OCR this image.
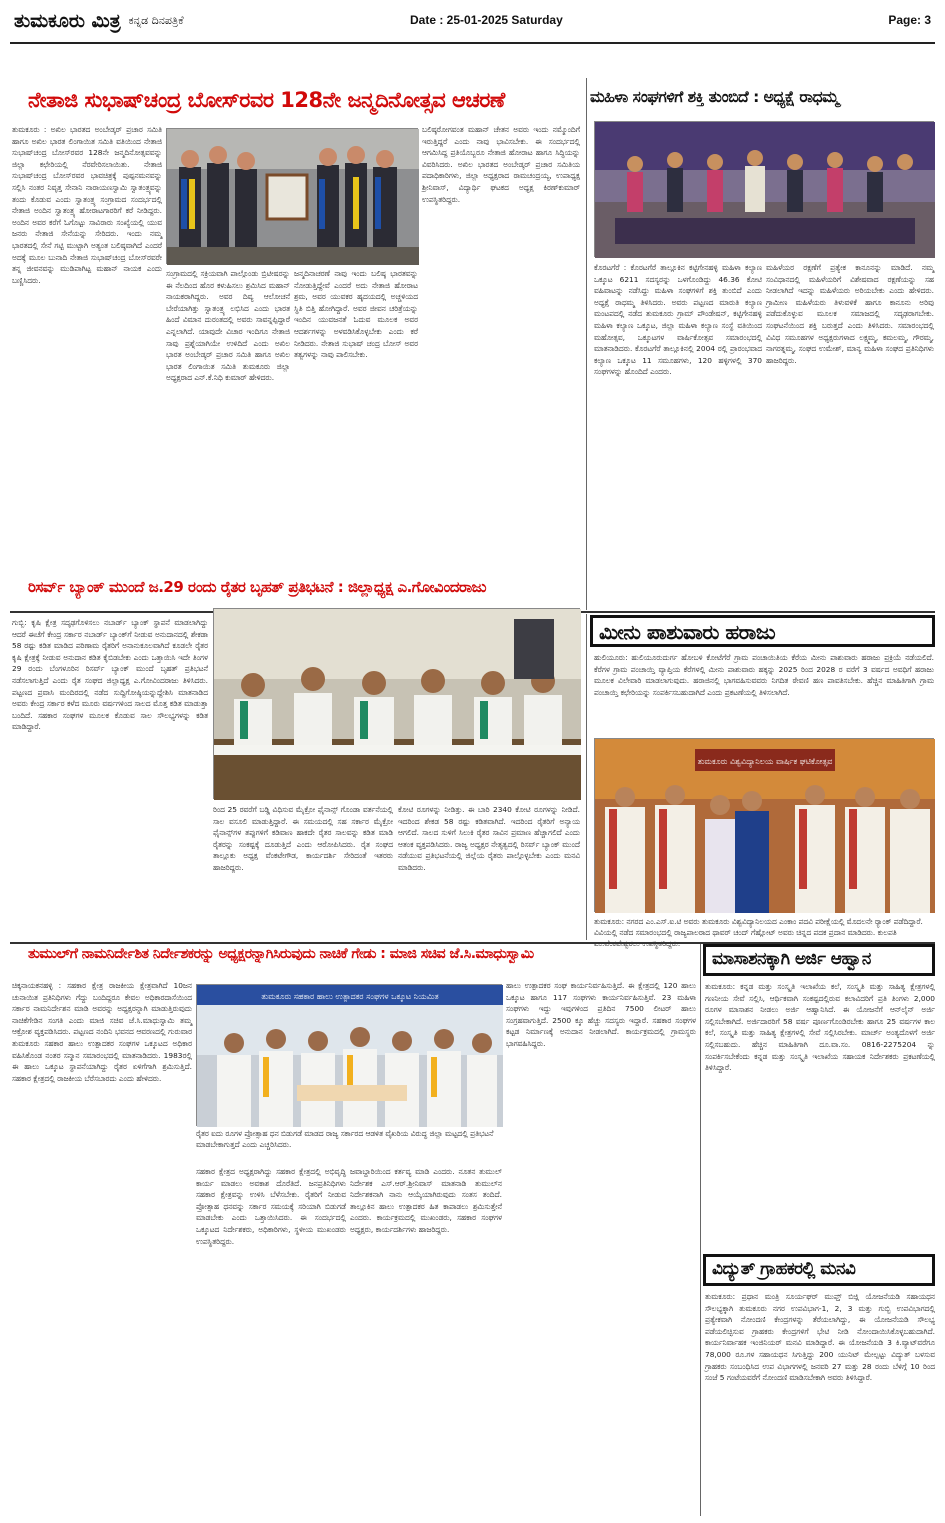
ತುಮಕೂರು ಮಿತ್ರ ಕನ್ನಡ ದಿನಪತ್ರಿಕೆ	Date : 25-01-2025 Saturday	Page: 3
ನೇತಾಜಿ ಸುಭಾಷ್‌ಚಂದ್ರ ಬೋಸ್‌ರವರ 128ನೇ ಜನ್ಮದಿನೋತ್ಸವ ಆಚರಣೆ
ತುಮಕೂರು : ಅಖಿಲ ಭಾರತದ ಅಂಬೇಡ್ಕರ್ ಪ್ರಚಾರ ಸಮಿತಿ ಹಾಗೂ ಅಖಿಲ ಭಾರತ ಲಿಂಗಾಯಿತ ಸಮಿತಿ ವತಿಯಿಂದ ನೇತಾಜಿ ಸುಭಾಷ್‌ಚಂದ್ರ ಬೋಸ್‌ರವರ 128ನೇ ಜನ್ಮದಿನೋತ್ಸವವನ್ನು ಜಿಲ್ಲಾ ಕಛೇರಿಯಲ್ಲಿ ನೆರವೇರಿಸಲಾಯಿತು. ನೇತಾಜಿ ಸುಭಾಷ್‌ಚಂದ್ರ ಬೋಸ್‌ರವರ ಭಾವಚಿತ್ರಕ್ಕೆ ಪುಷ್ಪನಮನವನ್ನು ಸಲ್ಲಿಸಿ ನಂತರ ನಿವೃತ್ತ ಸೇನಾನಿ ನಾರಾಯಣಸ್ವಾಮಿ ಸ್ವಾತಂತ್ರ್ಯವನ್ನು ತಂದು ಕೊಡುವ ಎಂದು ಸ್ವಾತಂತ್ರ್ಯ ಸಂಗ್ರಾಮದ ಸಂದರ್ಭದಲ್ಲಿ ನೇತಾಜಿ ಅಂದಿನ ಸ್ವಾತಂತ್ರ್ಯ ಹೋರಾಟಗಾರರಿಗೆ ಕರೆ ನೀಡಿದ್ದರು. ಅಂದಿನ ಅವರ ಕರೆಗೆ ಓಗೊಟ್ಟು ಸಾವಿರಾರು ಸಂಖ್ಯೆಯಲ್ಲಿ ಯುವ ಜನರು ನೇತಾಜಿ ಸೇನೆಯನ್ನು ಸೇರಿದರು. ಇಂದು ನಮ್ಮ ಭಾರತದಲ್ಲಿ ಸೇನೆ ಗಟ್ಟಿ ಮುಟ್ಟಾಗಿ ಅತ್ಯಂತ ಬಲಿಷ್ಠವಾಗಿದೆ ಎಂದರೆ ಅದಕ್ಕೆ ಮೂಲ ಬುನಾದಿ ನೇತಾಜಿ ಸುಭಾಷ್‌ಚಂದ್ರ ಬೋಸ್‌ರವರೇ ತನ್ನ ಜೀವನವನ್ನು ಮುಡಿಪಾಗಿಟ್ಟ ಮಹಾನ್ ನಾಯಕ ಎಂದು ಬಣ್ಣಿಸಿದರು.
ಸಂಗ್ರಾಮದಲ್ಲಿ ಸಕ್ರಿಯವಾಗಿ ಪಾಲ್ಗೊಂಡು ಬ್ರಿಟೀಷರನ್ನು ಈ ನೆಲದಿಂದ ಹೊರ ಕಳುಹಿಸಲು ಶ್ರಮಿಸಿದ ಮಹಾನ್ ನಾಯಕರಾಗಿದ್ದರು. ಅವರ ದಿವ್ಯ ಆಲೋಚನೆ ಬೇರೆಯಾಗಿತ್ತು ಸ್ವಾತಂತ್ರ್ಯ ಲಭಿಸಿದ ಎಂದು ಭಾರತ ಹಿಂದೆ ವಿಮಾನ ದುರಂತದಲ್ಲಿ ಅವರು ಸಾವನ್ನಪ್ಪಿದ್ದಾರೆ ಎನ್ನಲಾಗಿದೆ. ಯಾವುದೇ ವಿಚಾರ ಇಂದಿಗೂ ನೇತಾಜಿ ಸಾವು ಪ್ರಶ್ನೆಯಾಗಿಯೇ ಉಳಿದಿದೆ ಎಂದು ಅಖಿಲ ಭಾರತ ಅಂಬೇಡ್ಕರ್ ಪ್ರಚಾರ ಸಮಿತಿ ಹಾಗೂ ಅಖಿಲ ಭಾರತ ಲಿಂಗಾಯಿತ ಸಮಿತಿ ತುಮಕೂರು ಜಿಲ್ಲಾ ಅಧ್ಯಕ್ಷರಾದ ಎನ್.ಕೆ.ನಿಧಿ ಕುಮಾರ್ ಹೇಳಿದರು.
ಜನ್ಮದಿನಾಚರಣೆ ನಾವು ಇಂದು ಬಲಿಷ್ಠ ಭಾರತವನ್ನು ನೋಡುತ್ತಿದ್ದೇವೆ ಎಂದರೆ ಅದು ನೇತಾಜಿ ಹೋರಾಟ ಶ್ರಮ, ಅವರ ಯುವಕರ ಹೃದಯದಲ್ಲಿ ಅಚ್ಚಳಿಯದ ಸ್ಥಿತಿ ಬಿತ್ತಿ ಹೋಗಿದ್ದಾರೆ. ಅವರ ಜೀವನ ಚರಿತ್ರೆಯನ್ನು ಇಂದಿನ ಯುವಜನತೆ ಓದುವ ಮೂಲಕ ಅವರ ಆದರ್ಶಗಳನ್ನು ಅಳವಡಿಸಿಕೊಳ್ಳಬೇಕು ಎಂದು ಕರೆ ನೀಡಿದರು. ನೇತಾಜಿ ಸುಭಾಷ್ ಚಂದ್ರ ಬೋಸ್ ಅವರ ತತ್ವಗಳನ್ನು ನಾವು ಪಾಲಿಸಬೇಕು.
ಬಲಿಷ್ಠರೋಗವಂತ ಮಹಾನ್ ಚೇತನ ಅವರು ಇಂದು ನಮ್ಮೊಂದಿಗೆ ಇರುತ್ತಿದ್ದರೆ ಎಂದು ನಾವು ಭಾವಿಸಬೇಕು. ಈ ಸಂದರ್ಭದಲ್ಲಿ ಆಗಮಿಸಿದ್ದ ಪ್ರತಿಯೊಬ್ಬರೂ ನೇತಾಜಿ ಹೋರಾಟ ಹಾಗೂ ಸಿದ್ಧಿಯನ್ನು ವಿವರಿಸಿದರು. ಅಖಿಲ ಭಾರತದ ಅಂಬೇಡ್ಕರ್ ಪ್ರಚಾರ ಸಮಿತಿಯ ಪದಾಧಿಕಾರಿಗಳು, ಜಿಲ್ಲಾ ಅಧ್ಯಕ್ಷರಾದ ರಾಮಚಂದ್ರಯ್ಯ, ಉಪಾಧ್ಯಕ್ಷ ಶ್ರೀನಿವಾಸ್, ವಿದ್ಯಾರ್ಥಿ ಘಟಕದ ಅಧ್ಯಕ್ಷ ಕಿರಣ್‌ಕುಮಾರ್ ಉಪಸ್ಥಿತರಿದ್ದರು.
ಮಹಿಳಾ ಸಂಘಗಳಿಗೆ ಶಕ್ತಿ ತುಂಬಿದೆ : ಅಧ್ಯಕ್ಷೆ ರಾಧಮ್ಮ
ಕೊರಟಗೆರೆ : ಕೊರಟಗೆರೆ ತಾಲ್ಲೂಕಿನ ಕಟ್ಟಿಗೇನಹಳ್ಳಿ ಮಹಿಳಾ ಕಲ್ಯಾಣ ಒಕ್ಕೂಟ 6211 ಸದಸ್ಯರನ್ನು ಒಳಗೊಂಡಿದ್ದು 46.36 ಕೋಟಿ ವಹಿವಾಟನ್ನು ನಡೆಸಿದ್ದು ಮಹಿಳಾ ಸಂಘಗಳಿಗೆ ಶಕ್ತಿ ತುಂಬಿದೆ ಎಂದು ಅಧ್ಯಕ್ಷೆ ರಾಧಮ್ಮ ತಿಳಿಸಿದರು. ಅವರು ಪಟ್ಟಣದ ಮಾರುತಿ ಕಲ್ಯಾಣ ಮಂಟಪದಲ್ಲಿ ನಡೆದ ತುಮಕೂರು ಗ್ರಾಮ್ ಪೌಂಡೇಷನ್, ಕಟ್ಟಿಗೇನಹಳ್ಳಿ ಮಹಿಳಾ ಕಲ್ಯಾಣ ಒಕ್ಕೂಟ, ಜಿಲ್ಲಾ ಮಹಿಳಾ ಕಲ್ಯಾಣ ಸಂಸ್ಥೆ ವತಿಯಿಂದ ಮಹೋತ್ಸವ, ಒಕ್ಕೂಟಗಳ ವಾರ್ಷಿಕೋತ್ಸವ ಸಮಾರಂಭದಲ್ಲಿ ಮಾತನಾಡಿದರು. ಕೊರಟಗೆರೆ ತಾಲ್ಲೂಕಿನಲ್ಲಿ 2004 ರಲ್ಲಿ ಪ್ರಾರಂಭವಾದ ಕಲ್ಯಾಣ ಒಕ್ಕೂಟ 11 ಸಮೂಹಗಳು, 120 ಹಳ್ಳಿಗಳಲ್ಲಿ 370 ಸಂಘಗಳನ್ನು ಹೊಂದಿದೆ ಎಂದರು.
ಮಹಿಳೆಯರ ರಕ್ಷಣೆಗೆ ಪ್ರತ್ಯೇಕ ಕಾನೂನನ್ನು ಮಾಡಿದೆ. ನಮ್ಮ ಸಂವಿಧಾನದಲ್ಲಿ ಮಹಿಳೆಯರಿಗೆ ವಿಶೇಷವಾದ ರಕ್ಷಣೆಯನ್ನು ಸಹ ನೀಡಲಾಗಿದೆ ಇದನ್ನು ಮಹಿಳೆಯರು ಅರಿಯಬೇಕು ಎಂದು ಹೇಳಿದರು. ಗ್ರಾಮೀಣ ಮಹಿಳೆಯರು ತಿಳುವಳಿಕೆ ಹಾಗೂ ಕಾನೂನು ಅರಿವು ಪಡೆದುಕೊಳ್ಳುವ ಮೂಲಕ ಸಮಾಜದಲ್ಲಿ ಸದೃಢರಾಗಬೇಕು. ಸಂಘಟನೆಯಿಂದ ಶಕ್ತಿ ಬರುತ್ತದೆ ಎಂದು ತಿಳಿಸಿದರು. ಸಮಾರಂಭದಲ್ಲಿ ವಿವಿಧ ಸಮೂಹಗಳ ಅಧ್ಯಕ್ಷರುಗಳಾದ ಲಕ್ಷ್ಮಮ್ಮ, ಕಮಲಮ್ಮ, ಗೌರಮ್ಮ, ನಾಗರತ್ನಮ್ಮ, ಸಂಘದ ಉಮೇಶ್, ಮಾನ್ಯ ಮಹಿಳಾ ಸಂಘದ ಪ್ರತಿನಿಧಿಗಳು ಹಾಜರಿದ್ದರು.
ರಿಸರ್ವ್ ಬ್ಯಾಂಕ್ ಮುಂದೆ ಜ.29 ರಂದು ರೈತರ ಬೃಹತ್ ಪ್ರತಿಭಟನೆ : ಜಿಲ್ಲಾಧ್ಯಕ್ಷ ಎ.ಗೋವಿಂದರಾಜು
ಗುಬ್ಬಿ: ಕೃಷಿ ಕ್ಷೇತ್ರ ಸದೃಢಗೊಳಿಸಲು ನಬಾರ್ಡ್ ಬ್ಯಾಂಕ್ ಸ್ಥಾಪನೆ ಮಾಡಲಾಗಿದ್ದು ಆದರೆ ಈಚೆಗೆ ಕೇಂದ್ರ ಸರ್ಕಾರ ನಬಾರ್ಡ್ ಬ್ಯಾಂಕ್‌ಗೆ ನೀಡುವ ಅನುದಾನದಲ್ಲಿ ಶೇಕಡಾ 58 ರಷ್ಟು ಕಡಿತ ಮಾಡಿದ ಪರಿಣಾಮ ರೈತರಿಗೆ ಅನಾನುಕೂಲವಾಗಿದೆ ಕೂಡಲೇ ರೈತರ ಕೃಷಿ ಕ್ಷೇತ್ರಕ್ಕೆ ನೀಡುವ ಅನುದಾನ ಕಡಿತ ಕೈಬಿಡಬೇಕು ಎಂದು ಒತ್ತಾಯಿಸಿ ಇದೇ ತಿಂಗಳ 29 ರಂದು ಬೆಂಗಳೂರಿನ ರಿಸರ್ವ್ ಬ್ಯಾಂಕ್ ಮುಂದೆ ಬೃಹತ್ ಪ್ರತಿಭಟನೆ ನಡೆಸಲಾಗುತ್ತಿದೆ ಎಂದು ರೈತ ಸಂಘದ ಜಿಲ್ಲಾಧ್ಯಕ್ಷ ಎ.ಗೋವಿಂದರಾಜು ತಿಳಿಸಿದರು. ಪಟ್ಟಣದ ಪ್ರವಾಸಿ ಮಂದಿರದಲ್ಲಿ ನಡೆದ ಸುದ್ದಿಗೋಷ್ಠಿಯನ್ನುದ್ದೇಶಿಸಿ ಮಾತನಾಡಿದ ಅವರು ಕೇಂದ್ರ ಸರ್ಕಾರ ಕಳೆದ ಮೂರು ವರ್ಷಗಳಿಂದ ಸಾಲದ ಮೊತ್ತ ಕಡಿತ ಮಾಡುತ್ತಾ ಬಂದಿದೆ. ಸಹಕಾರ ಸಂಘಗಳ ಮೂಲಕ ಕೊಡುವ ಸಾಲ ಸೌಲಭ್ಯಗಳನ್ನು ಕಡಿತ ಮಾಡಿದ್ದಾರೆ.
ರಿಂದ 25 ರವರೆಗೆ ಬಡ್ಡಿ ವಿಧಿಸುವ ಮೈಕ್ರೋ ಫೈನಾನ್ಸ್ ಗೊಂಡಾ ವರ್ತನೆಯಲ್ಲಿ ಸಾಲ ವಸೂಲಿ ಮಾಡುತ್ತಿದ್ದಾರೆ. ಈ ಸಮಯದಲ್ಲಿ ಸಹ ಸರ್ಕಾರ ಮೈಕ್ರೋ ಫೈನಾನ್ಸ್‌ಗಳ ತಪ್ಪುಗಳಿಗೆ ಕಡಿವಾಣ ಹಾಕದೇ ರೈತರ ಸಾಲವನ್ನು ಕಡಿತ ಮಾಡಿ ರೈತರನ್ನು ಸಂಕಷ್ಟಕ್ಕೆ ದೂಡುತ್ತಿದೆ ಎಂದು ಆರೋಪಿಸಿದರು. ರೈತ ಸಂಘದ ತಾಲ್ಲೂಕು ಅಧ್ಯಕ್ಷ ವೆಂಕಟೇಗೌಡ, ಕಾರ್ಯದರ್ಶಿ ಸೇರಿದಂತೆ ಇತರರು ಹಾಜರಿದ್ದರು.
ಕೋಟಿ ರೂಗಳನ್ನು ನೀಡಿತ್ತು. ಈ ಬಾರಿ 2340 ಕೋಟಿ ರೂಗಳನ್ನು ನೀಡಿದೆ. ಇದರಿಂದ ಶೇಕಡ 58 ರಷ್ಟು ಕಡಿತವಾಗಿದೆ. ಇದರಿಂದ ರೈತರಿಗೆ ಅನ್ಯಾಯ ಆಗಲಿದೆ. ಸಾಲದ ಸುಳಿಗೆ ಸಿಲುಕಿ ರೈತರ ಸಾವಿನ ಪ್ರಮಾಣ ಹೆಚ್ಚಾಗಲಿದೆ ಎಂದು ಆತಂಕ ವ್ಯಕ್ತಪಡಿಸಿದರು. ರಾಜ್ಯ ಅಧ್ಯಕ್ಷರ ನೇತೃತ್ವದಲ್ಲಿ ರಿಸರ್ವ್ ಬ್ಯಾಂಕ್ ಮುಂದೆ ನಡೆಯುವ ಪ್ರತಿಭಟನೆಯಲ್ಲಿ ಜಿಲ್ಲೆಯ ರೈತರು ಪಾಲ್ಗೊಳ್ಳಬೇಕು ಎಂದು ಮನವಿ ಮಾಡಿದರು.
ಮೀನು ಪಾಶುವಾರು ಹರಾಜು
ಹುಲಿಯೂರು: ಹುಲಿಯೂರುದುರ್ಗ ಹೋಬಳಿ ಕೋಟೆಗೆರೆ ಗ್ರಾಮ ಪಂಚಾಯಿತಿಯ ಕೆರೆಯ ಮೀನು ಪಾಶುವಾರು ಹರಾಜು ಪ್ರಕ್ರಿಯೆ ನಡೆಯಲಿದೆ. ಕೆರೆಗಳ ಗ್ರಾಮ ಪಂಚಾಯ್ತಿ ವ್ಯಾಪ್ತಿಯ ಕೆರೆಗಳಲ್ಲಿ ಮೀನು ಪಾಶುವಾರು ಹಕ್ಕನ್ನು 2025 ರಿಂದ 2028 ರ ವರೆಗೆ 3 ವರ್ಷದ ಅವಧಿಗೆ ಹರಾಜು ಮೂಲಕ ವಿಲೇವಾರಿ ಮಾಡಲಾಗುವುದು. ಹರಾಜಿನಲ್ಲಿ ಭಾಗವಹಿಸುವವರು ನಿಗದಿತ ಠೇವಣಿ ಹಣ ಪಾವತಿಸಬೇಕು. ಹೆಚ್ಚಿನ ಮಾಹಿತಿಗಾಗಿ ಗ್ರಾಮ ಪಂಚಾಯ್ತಿ ಕಛೇರಿಯನ್ನು ಸಂಪರ್ಕಿಸಬಹುದಾಗಿದೆ ಎಂದು ಪ್ರಕಟಣೆಯಲ್ಲಿ ತಿಳಿಸಲಾಗಿದೆ.
ತುಮಕೂರು ವಿಶ್ವವಿದ್ಯಾನಿಲಯ ವಾರ್ಷಿಕ ಘಟಿಕೋತ್ಸವ
ತುಮಕೂರು: ನಗರದ ಎಂ.ಎಸ್.ಐ.ಟಿ ಅವರು ತುಮಕೂರು ವಿಶ್ವವಿದ್ಯಾನಿಲಯದ ಎಂಕಾಂ ಪದವಿ ಪರೀಕ್ಷೆಯಲ್ಲಿ ಮೊದಲನೇ ರ್‍ಯಾಂಕ್ ಪಡೆದಿದ್ದಾರೆ. ವಿವಿಯಲ್ಲಿ ನಡೆದ ಸಮಾರಂಭದಲ್ಲಿ ರಾಜ್ಯಪಾಲರಾದ ಥಾವರ್ ಚಂದ್ ಗೆಹ್ಲೋಟ್ ಅವರು ಚಿನ್ನದ ಪದಕ ಪ್ರದಾನ ಮಾಡಿದರು. ಕುಲಪತಿ
ತುಮುಲ್‌ಗೆ ನಾಮನಿರ್ದೇಶಿತ ನಿರ್ದೇಶಕರನ್ನು ಅಧ್ಯಕ್ಷರನ್ನಾಗಿಸಿರುವುದು ನಾಚಿಕೆ ಗೇಡು : ಮಾಜಿ ಸಚಿವ ಜೆ.ಸಿ.ಮಾಧುಸ್ವಾಮಿ
ಚಿಕ್ಕನಾಯಕನಹಳ್ಳಿ : ಸಹಕಾರ ಕ್ಷೇತ್ರ ರಾಜಕೀಯ ಕ್ಷೇತ್ರವಾಗಿದೆ 10ಜನ ಚುನಾಯಿತ ಪ್ರತಿನಿಧಿಗಳು ಗೆದ್ದು ಬಂದಿದ್ದರೂ ಕೇವಲ ಅಧಿಕಾರದಾಸೆಯಿಂದ ಸರ್ಕಾರ ನಾಮನಿರ್ದೇಶನ ಮಾಡಿ ಅವರನ್ನು ಅಧ್ಯಕ್ಷರನ್ನಾಗಿ ಮಾಡುತ್ತಿರುವುದು ನಾಚಿಕೆಗೇಡಿನ ಸಂಗತಿ ಎಂದು ಮಾಜಿ ಸಚಿವ ಜೆ.ಸಿ.ಮಾಧುಸ್ವಾಮಿ ತಮ್ಮ ಆಕ್ರೋಶ ವ್ಯಕ್ತಪಡಿಸಿದರು. ಪಟ್ಟಣದ ನಂದಿನಿ ಭವನದ ಆವರಣದಲ್ಲಿ ಗುರುವಾರ ತುಮಕೂರು ಸಹಕಾರ ಹಾಲು ಉತ್ಪಾದಕರ ಸಂಘಗಳ ಒಕ್ಕೂಟದ ಅಧಿಕಾರ ವಹಿಸಿಕೊಂಡ ನಂತರ ಸನ್ಮಾನ ಸಮಾರಂಭದಲ್ಲಿ ಮಾತನಾಡಿದರು. 1983ರಲ್ಲಿ ಈ ಹಾಲು ಒಕ್ಕೂಟ ಸ್ಥಾಪನೆಯಾಗಿದ್ದು ರೈತರ ಏಳಿಗೆಗಾಗಿ ಶ್ರಮಿಸುತ್ತಿದೆ. ಸಹಕಾರ ಕ್ಷೇತ್ರದಲ್ಲಿ ರಾಜಕೀಯ ಬೆರೆಸಬಾರದು ಎಂದು ಹೇಳಿದರು.
ತುಮಕೂರು ಸಹಕಾರ ಹಾಲು ಉತ್ಪಾದಕರ ಸಂಘಗಳ ಒಕ್ಕೂಟ ನಿಯಮಿತ
ರೈತರ ಐದು ರೂಗಳ ಪ್ರೋತ್ಸಾಹ ಧನ ಬಿಡುಗಡೆ ಮಾಡದ ರಾಜ್ಯ ಸರ್ಕಾರದ ಆಡಳಿತ ವೈಖರಿಯ ವಿರುದ್ಧ ಜಿಲ್ಲಾ ಮಟ್ಟದಲ್ಲಿ ಪ್ರತಿಭಟನೆ ಮಾಡಬೇಕಾಗುತ್ತದೆ ಎಂದು ಎಚ್ಚರಿಸಿದರು.
ಸಹಕಾರ ಕ್ಷೇತ್ರದ ಅಧ್ಯಕ್ಷರಾಗಿದ್ದು ಸಹಕಾರ ಕ್ಷೇತ್ರದಲ್ಲಿ ಅಭಿವೃದ್ಧಿ ಕಾರ್ಯ ಮಾಡಲು ಅವಕಾಶ ದೊರೆತಿದೆ. ಜನಪ್ರತಿನಿಧಿಗಳು ಸಹಕಾರ ಕ್ಷೇತ್ರವನ್ನು ಉಳಿಸಿ ಬೆಳೆಸಬೇಕು. ರೈತರಿಗೆ ನೀಡುವ ಪ್ರೋತ್ಸಾಹ ಧನವನ್ನು ಸರ್ಕಾರ ಸಮಯಕ್ಕೆ ಸರಿಯಾಗಿ ಬಿಡುಗಡೆ ಮಾಡಬೇಕು ಎಂದು ಒತ್ತಾಯಿಸಿದರು. ಈ ಸಂದರ್ಭದಲ್ಲಿ ಒಕ್ಕೂಟದ ನಿರ್ದೇಶಕರು, ಅಧಿಕಾರಿಗಳು, ಸ್ಥಳೀಯ ಮುಖಂಡರು ಉಪಸ್ಥಿತರಿದ್ದರು.
ಜವಾಬ್ದಾರಿಯಿಂದ ಕರ್ತವ್ಯ ಮಾಡಿ ಎಂದರು. ನೂತನ ತುಮುಲ್ ನಿರ್ದೇಶಕ ಎಸ್.ಆರ್.ಶ್ರೀನಿವಾಸ್ ಮಾತನಾಡಿ ತುಮುಲ್‌ನ ನಿರ್ದೇಶಕನಾಗಿ ನಾನು ಆಯ್ಕೆಯಾಗಿರುವುದು ಸಂತಸ ತಂದಿದೆ. ತಾಲ್ಲೂಕಿನ ಹಾಲು ಉತ್ಪಾದಕರ ಹಿತ ಕಾಪಾಡಲು ಶ್ರಮಿಸುತ್ತೇನೆ ಎಂದರು. ಕಾರ್ಯಕ್ರಮದಲ್ಲಿ ಮುಖಂಡರು, ಸಹಕಾರ ಸಂಘಗಳ ಅಧ್ಯಕ್ಷರು, ಕಾರ್ಯದರ್ಶಿಗಳು ಹಾಜರಿದ್ದರು.
ಹಾಲು ಉತ್ಪಾದಕರ ಸಂಘ ಕಾರ್ಯನಿರ್ವಹಿಸುತ್ತಿದೆ. ಈ ಕ್ಷೇತ್ರದಲ್ಲಿ 120 ಹಾಲು ಒಕ್ಕೂಟ ಹಾಗೂ 117 ಸಂಘಗಳು ಕಾರ್ಯನಿರ್ವಹಿಸುತ್ತಿವೆ. 23 ಮಹಿಳಾ ಸಂಘಗಳು ಇದ್ದು ಇವುಗಳಿಂದ ಪ್ರತಿದಿನ 7500 ಲೀಟರ್ ಹಾಲು ಸಂಗ್ರಹವಾಗುತ್ತಿದೆ. 2500 ಕ್ಕೂ ಹೆಚ್ಚು ಸದಸ್ಯರು ಇದ್ದಾರೆ. ಸಹಕಾರ ಸಂಘಗಳ ಕಟ್ಟಡ ನಿರ್ಮಾಣಕ್ಕೆ ಅನುದಾನ ನೀಡಲಾಗಿದೆ. ಕಾರ್ಯಕ್ರಮದಲ್ಲಿ ಗ್ರಾಮಸ್ಥರು ಭಾಗವಹಿಸಿದ್ದರು.
ಮಾಸಾಶನಕ್ಕಾಗಿ ಅರ್ಜಿ ಆಹ್ವಾನ
ತುಮಕೂರು: ಕನ್ನಡ ಮತ್ತು ಸಂಸ್ಕೃತಿ ಇಲಾಖೆಯ ಕಲೆ, ಸಂಸ್ಕೃತಿ ಮತ್ತು ಸಾಹಿತ್ಯ ಕ್ಷೇತ್ರಗಳಲ್ಲಿ ಗಣನೀಯ ಸೇವೆ ಸಲ್ಲಿಸಿ, ಆರ್ಥಿಕವಾಗಿ ಸಂಕಷ್ಟದಲ್ಲಿರುವ ಕಲಾವಿದರಿಗೆ ಪ್ರತಿ ತಿಂಗಳು 2,000 ರೂಗಳ ಮಾಸಾಶನ ನೀಡಲು ಅರ್ಜಿ ಆಹ್ವಾನಿಸಿದೆ. ಈ ಯೋಜನೆಗೆ ಆನ್‌ಲೈನ್ ಅರ್ಜಿ ಸಲ್ಲಿಸಬೇಕಾಗಿದೆ. ಅರ್ಜಿದಾರರಿಗೆ 58 ವರ್ಷ ಪೂರ್ಣಗೊಂಡಿರಬೇಕು ಹಾಗೂ 25 ವರ್ಷಗಳ ಕಾಲ ಕಲೆ, ಸಂಸ್ಕೃತಿ ಮತ್ತು ಸಾಹಿತ್ಯ ಕ್ಷೇತ್ರಗಳಲ್ಲಿ ಸೇವೆ ಸಲ್ಲಿಸಿರಬೇಕು. ಮಾರ್ಚ್ ಅಂತ್ಯದೊಳಗೆ ಅರ್ಜಿ ಸಲ್ಲಿಸಬಹುದು. ಹೆಚ್ಚಿನ ಮಾಹಿತಿಗಾಗಿ ದೂ.ವಾ.ಸಂ. 0816-2275204 ನ್ನು ಸಂಪರ್ಕಿಸಬೇಕೆಂದು ಕನ್ನಡ ಮತ್ತು ಸಂಸ್ಕೃತಿ ಇಲಾಖೆಯ ಸಹಾಯಕ ನಿರ್ದೇಶಕರು ಪ್ರಕಟಣೆಯಲ್ಲಿ ತಿಳಿಸಿದ್ದಾರೆ.
ವಿದ್ಯುತ್ ಗ್ರಾಹಕರಲ್ಲಿ ಮನವಿ
ತುಮಕೂರು: ಪ್ರಧಾನ ಮಂತ್ರಿ ಸೂರ್ಯಘರ್ ಮುಫ್ತ್ ಬಿಜ್ಲಿ ಯೋಜನೆಯಡಿ ಸಹಾಯಧನ ಸೌಲಭ್ಯಕ್ಕಾಗಿ ತುಮಕೂರು ನಗರ ಉಪವಿಭಾಗ-1, 2, 3 ಮತ್ತು ಗುಬ್ಬಿ ಉಪವಿಭಾಗದಲ್ಲಿ ಪ್ರತ್ಯೇಕವಾಗಿ ನೋಂದಣಿ ಕೇಂದ್ರಗಳನ್ನು ತೆರೆಯಲಾಗಿದ್ದು, ಈ ಯೋಜನೆಯಡಿ ಸೌಲಭ್ಯ ಪಡೆಯಲಿಚ್ಛಿಸುವ ಗ್ರಾಹಕರು ಕೇಂದ್ರಗಳಿಗೆ ಭೇಟಿ ನೀಡಿ ನೋಂದಾಯಿಸಿಕೊಳ್ಳಬಹುದಾಗಿದೆ. ಕಾರ್ಯನಿರ್ವಾಹಕ ಇಂಜಿನಿಯರ್ ಮನವಿ ಮಾಡಿದ್ದಾರೆ. ಈ ಯೋಜನೆಯಡಿ 3 ಕಿ.ವ್ಯಾಟ್‌ವರೆಗೂ 78,000 ರೂ.ಗಳ ಸಹಾಯಧನ ಸಿಗುತ್ತಿದ್ದು 200 ಯುನಿಟ್ ಮೇಲ್ಪಟ್ಟು ವಿದ್ಯುತ್ ಬಳಸುವ ಗ್ರಾಹಕರು ಸಂಬಂಧಿಸಿದ ಉಪ ವಿಭಾಗಗಳಲ್ಲಿ ಜನವರಿ 27 ಮತ್ತು 28 ರಂದು ಬೆಳಿಗ್ಗೆ 10 ರಿಂದ ಸಂಜೆ 5 ಗಂಟೆಯವರೆಗೆ ನೋಂದಣಿ ಮಾಡಿಸಬೇಕಾಗಿ ಅವರು ತಿಳಿಸಿದ್ದಾರೆ.
